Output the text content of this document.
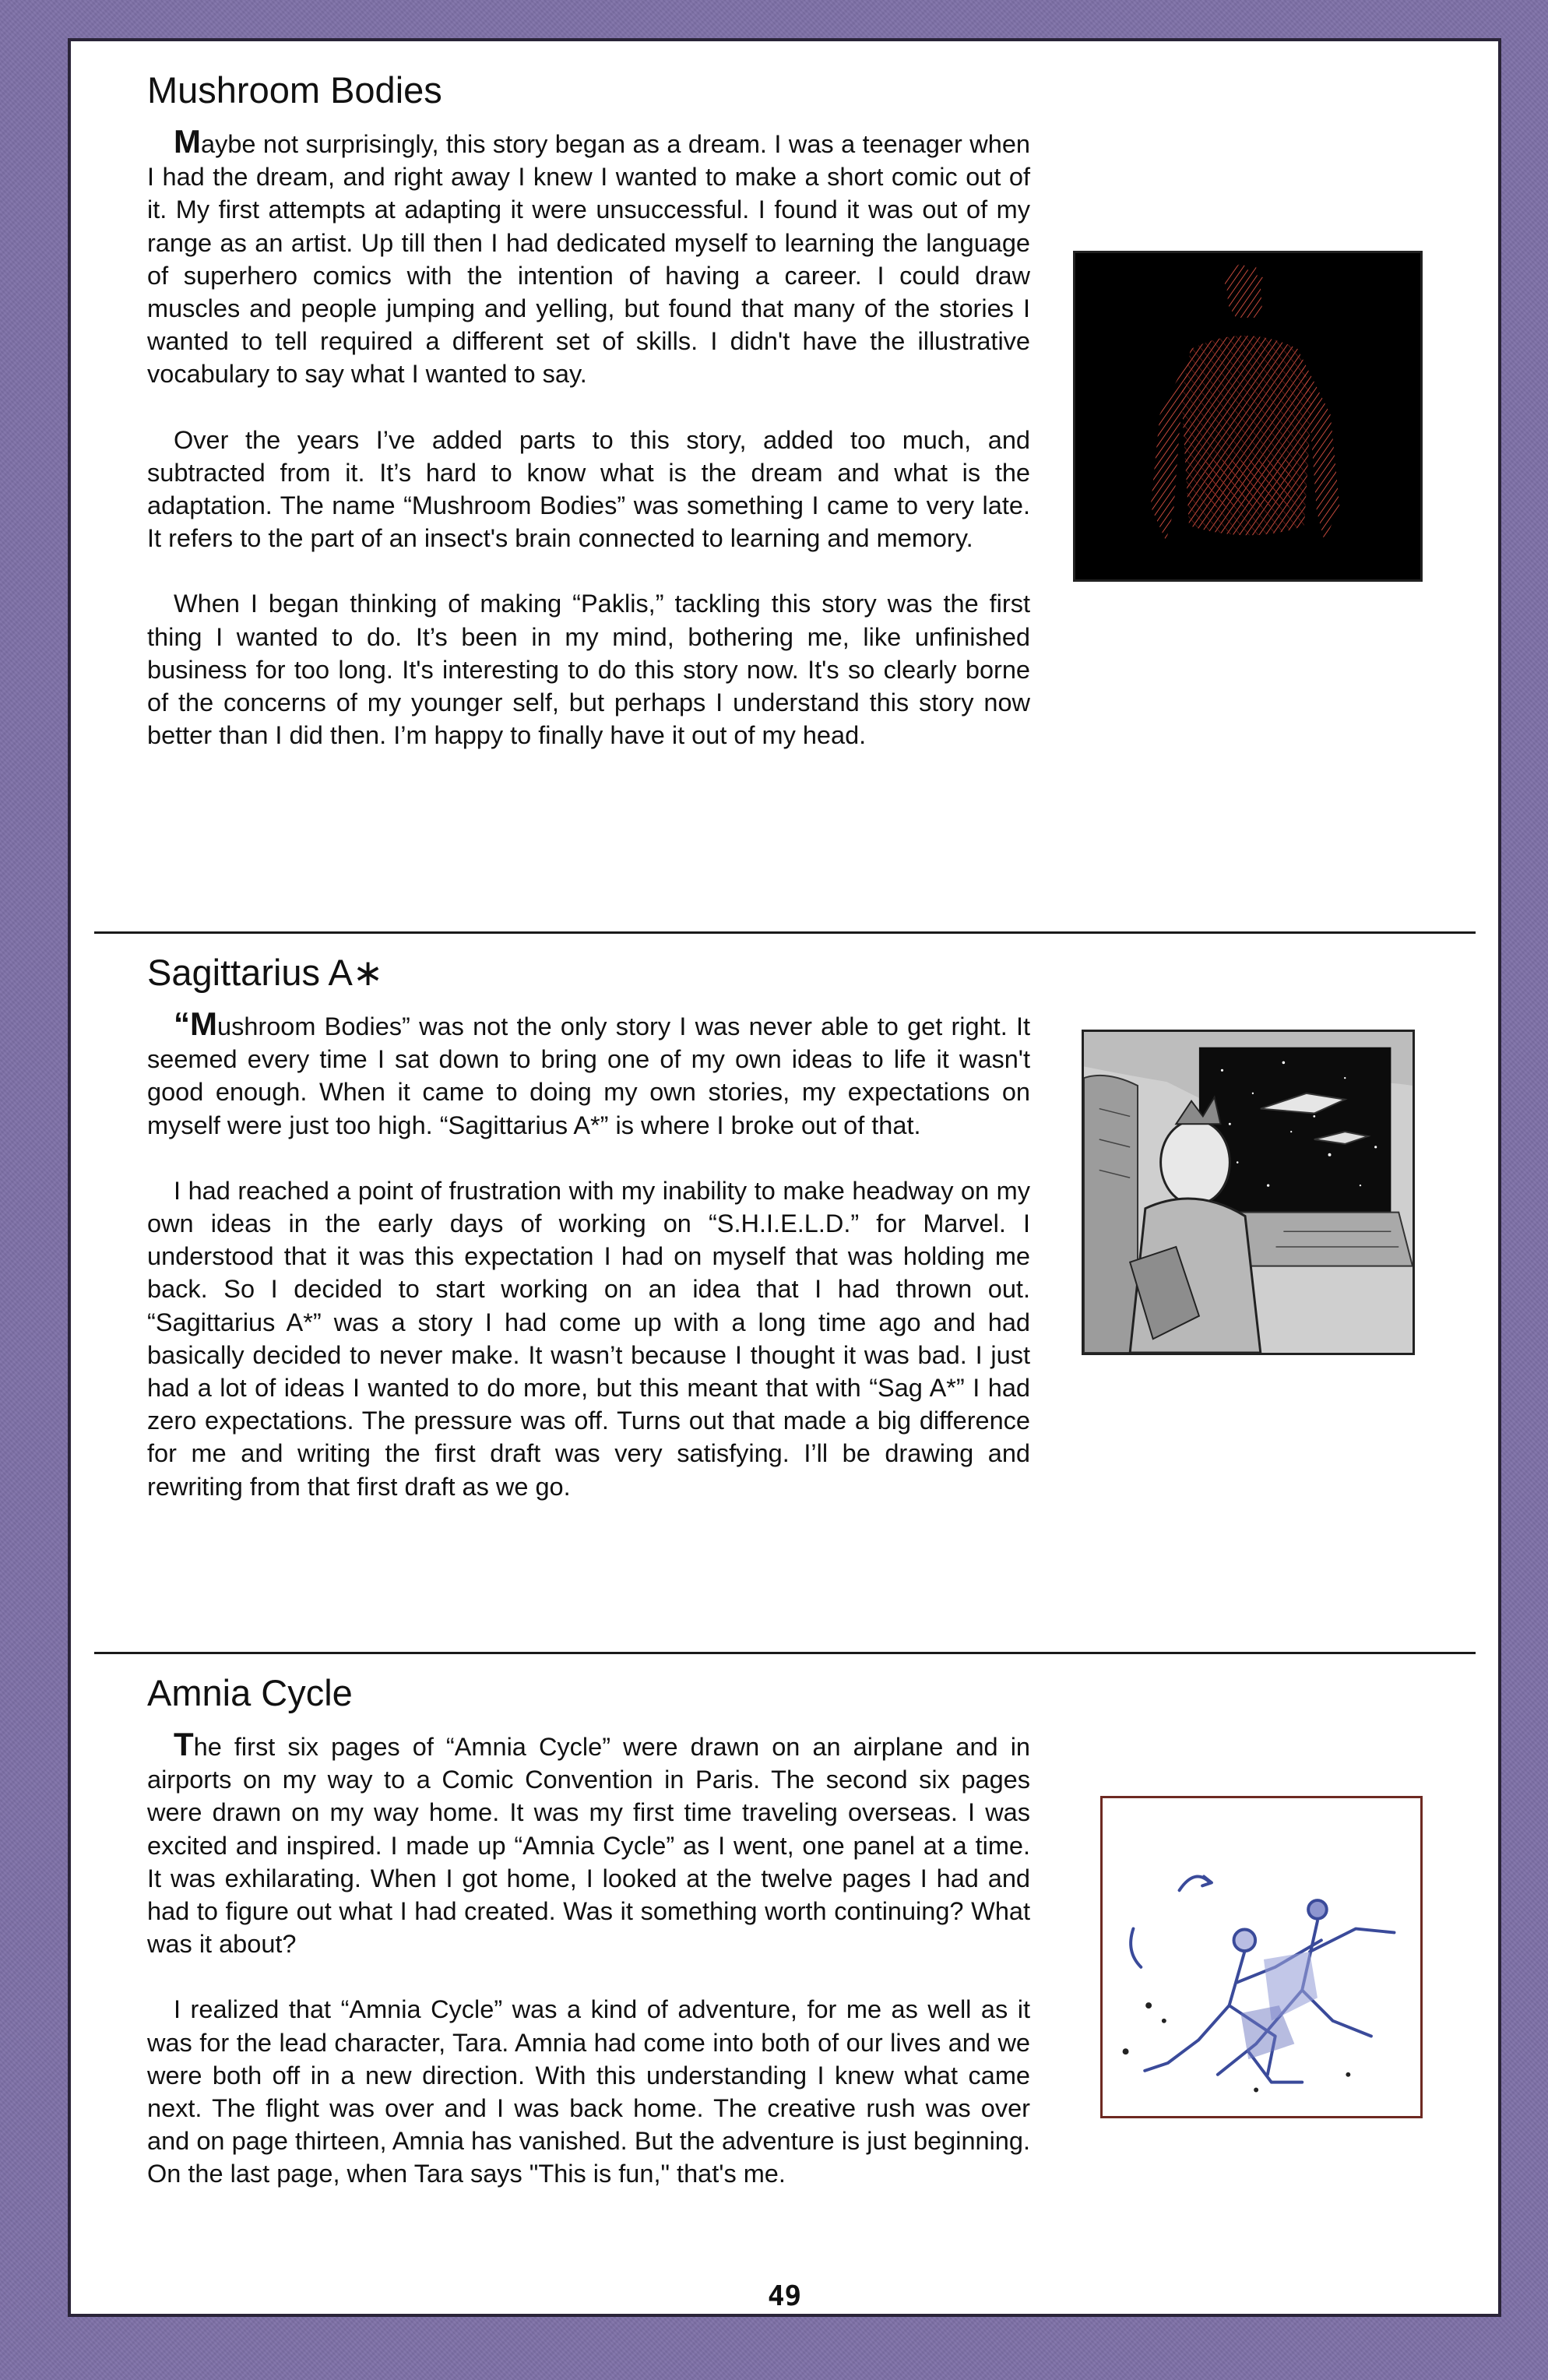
Mushroom Bodies

Maybe not surprisingly, this story began as a dream. I was a teenager when I had the dream, and right away I knew I wanted to make a short comic out of it. My first attempts at adapting it were unsuccessful. I found it was out of my range as an artist. Up till then I had dedicated myself to learning the language of superhero comics with the intention of having a career. I could draw muscles and people jumping and yelling, but found that many of the stories I wanted to tell required a different set of skills. I didn't have the illustrative vocabulary to say what I wanted to say.

Over the years I’ve added parts to this story, added too much, and subtracted from it. It’s hard to know what is the dream and what is the adaptation. The name “Mushroom Bodies” was something I came to very late. It refers to the part of an insect's brain connected to learning and memory.

When I began thinking of making “Paklis,” tackling this story was the first thing I wanted to do. It’s been in my mind, bothering me, like unfinished business for too long. It's interesting to do this story now. It's so clearly borne of the concerns of my younger self, but perhaps I understand this story now better than I did then. I’m happy to finally have it out of my head.

Sagittarius A∗

“Mushroom Bodies” was not the only story I was never able to get right. It seemed every time I sat down to bring one of my own ideas to life it wasn't good enough. When it came to doing my own stories, my expectations on myself were just too high. “Sagittarius A*” is where I broke out of that.

I had reached a point of frustration with my inability to make headway on my own ideas in the early days of working on “S.H.I.E.L.D.” for Marvel. I understood that it was this expectation I had on myself that was holding me back. So I decided to start working on an idea that I had thrown out. “Sagittarius A*” was a story I had come up with a long time ago and had basically decided to never make. It wasn’t because I thought it was bad. I just had a lot of ideas I wanted to do more, but this meant that with “Sag A*” I had zero expectations. The pressure was off. Turns out that made a big difference for me and writing the first draft was very satisfying. I’ll be drawing and rewriting from that first draft as we go.

Amnia Cycle

The first six pages of “Amnia Cycle” were drawn on an airplane and in airports on my way to a Comic Convention in Paris. The second six pages were drawn on my way home. It was my first time traveling overseas. I was excited and inspired. I made up “Amnia Cycle” as I went, one panel at a time. It was exhilarating. When I got home, I looked at the twelve pages I had and had to figure out what I had created. Was it something worth continuing? What was it about?

I realized that “Amnia Cycle” was a kind of adventure, for me as well as it was for the lead character, Tara. Amnia had come into both of our lives and we were both off in a new direction. With this understanding I knew what came next. The flight was over and I was back home. The creative rush was over and on page thirteen, Amnia has vanished. But the adventure is just beginning. On the last page, when Tara says "This is fun," that's me.

49
